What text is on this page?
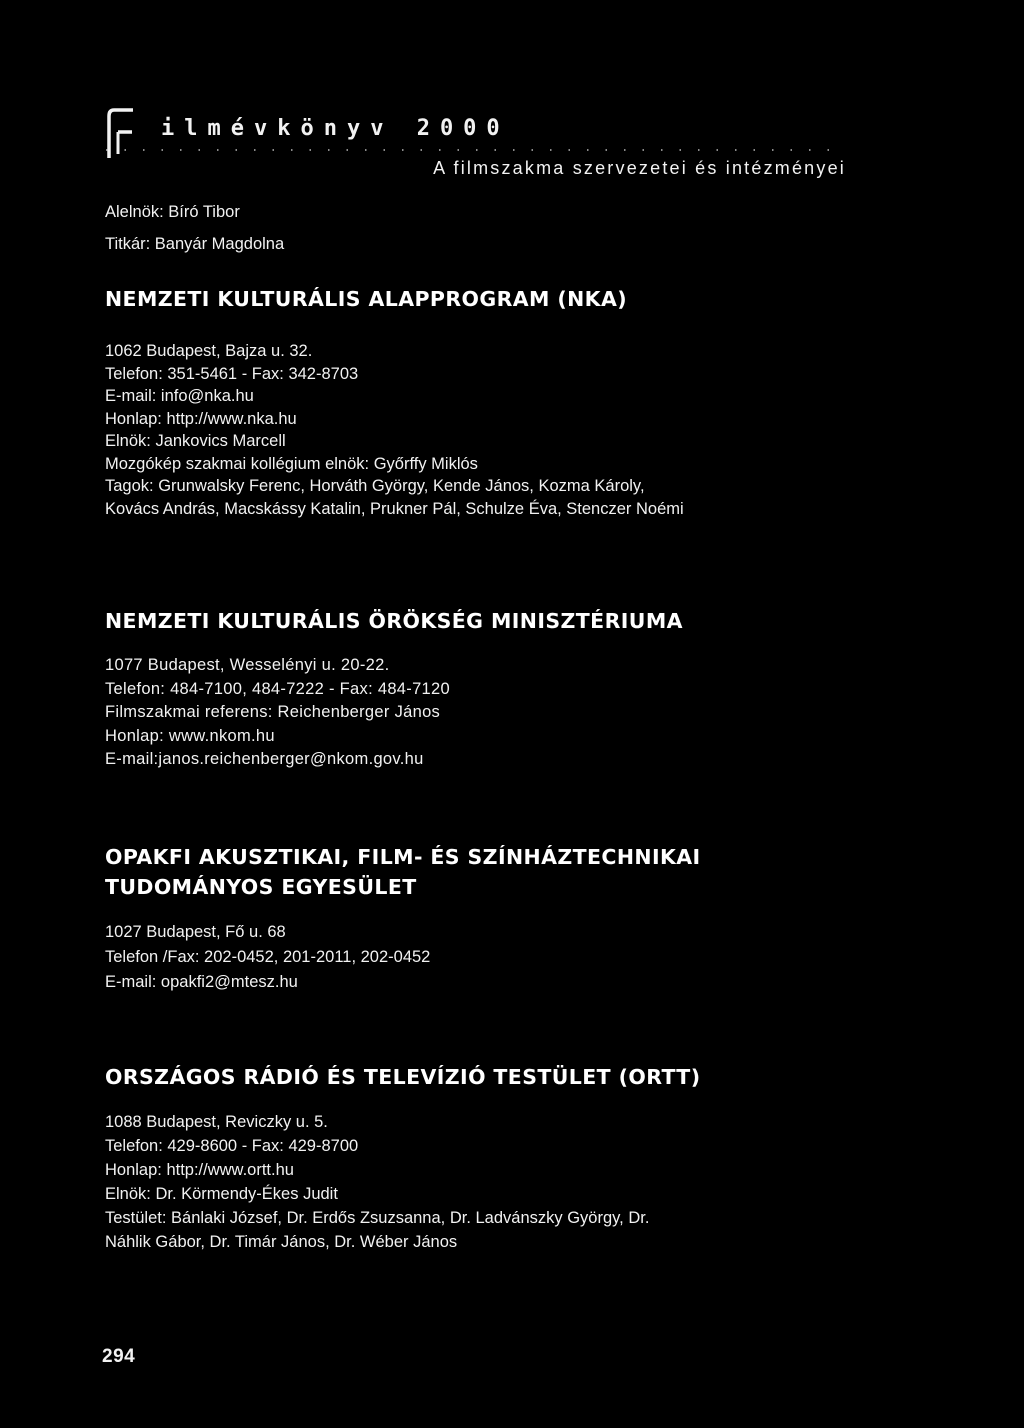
ilmévkönyv 2000
A filmszakma szervezetei és intézményei
Alelnök: Bíró Tibor
Titkár: Banyár Magdolna
NEMZETI KULTURÁLIS ALAPPROGRAM (NKA)
1062 Budapest, Bajza u. 32.
Telefon: 351-5461 - Fax: 342-8703
E-mail: info@nka.hu
Honlap: http://www.nka.hu
Elnök: Jankovics Marcell
Mozgókép szakmai kollégium elnök: Győrffy Miklós
Tagok: Grunwalsky Ferenc, Horváth György, Kende János, Kozma Károly,
Kovács András, Macskássy Katalin, Prukner Pál, Schulze Éva, Stenczer Noémi
NEMZETI KULTURÁLIS ÖRÖKSÉG MINISZTÉRIUMA
1077 Budapest, Wesselényi u. 20-22.
Telefon: 484-7100, 484-7222 - Fax: 484-7120
Filmszakmai referens: Reichenberger János
Honlap: www.nkom.hu
E-mail:janos.reichenberger@nkom.gov.hu
OPAKFI AKUSZTIKAI, FILM- ÉS SZÍNHÁZTECHNIKAI
TUDOMÁNYOS EGYESÜLET
1027 Budapest, Fő u. 68
Telefon /Fax: 202-0452, 201-2011, 202-0452
E-mail: opakfi2@mtesz.hu
ORSZÁGOS RÁDIÓ ÉS TELEVÍZIÓ TESTÜLET (ORTT)
1088 Budapest, Reviczky u. 5.
Telefon: 429-8600 - Fax: 429-8700
Honlap: http://www.ortt.hu
Elnök: Dr. Körmendy-Ékes Judit
Testület: Bánlaki József, Dr. Erdős Zsuzsanna, Dr. Ladvánszky György, Dr.
Náhlik Gábor, Dr. Timár János, Dr. Wéber János
294
